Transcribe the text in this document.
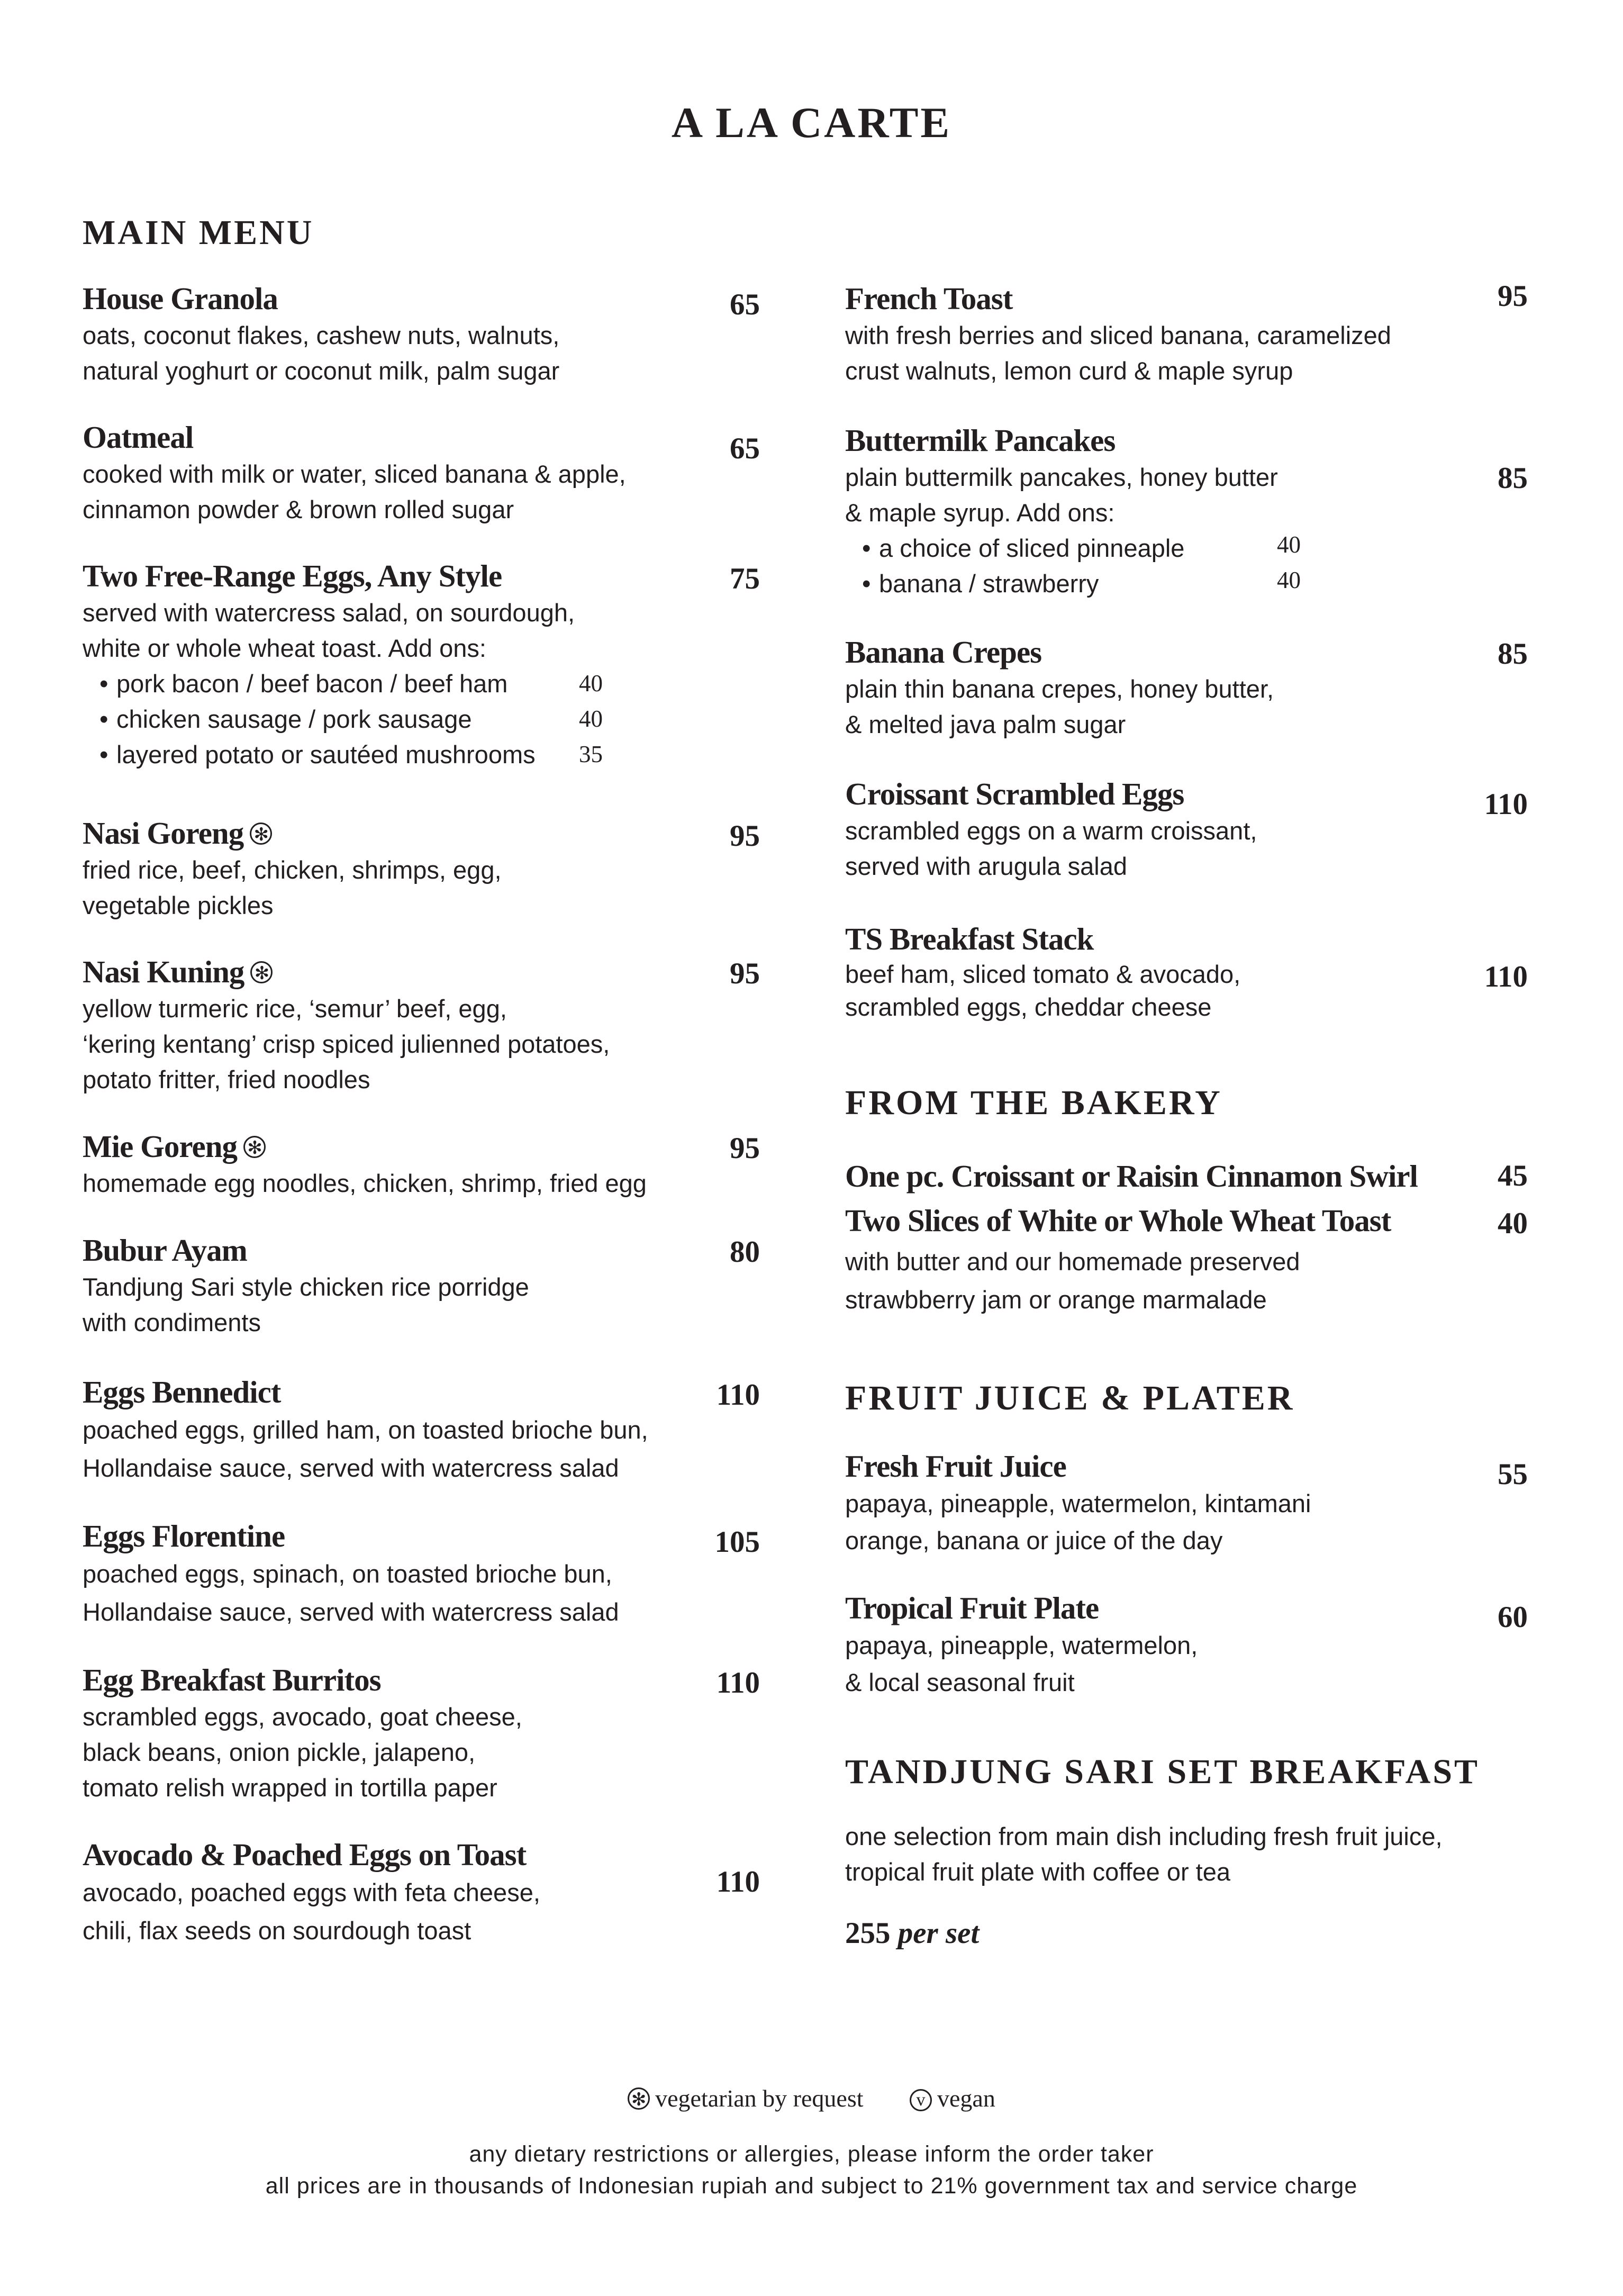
A LA CARTE
MAIN MENU
House Granola	65
oats, coconut flakes, cashew nuts, walnuts,
natural yoghurt or coconut milk, palm sugar
Oatmeal	65
cooked with milk or water, sliced banana & apple,
cinnamon powder & brown rolled sugar
Two Free-Range Eggs, Any Style	75
served with watercress salad, on sourdough,
white or whole wheat toast. Add ons:
• pork bacon / beef bacon / beef ham	40
• chicken sausage / pork sausage	40
• layered potato or sautéed mushrooms 35
Nasi Goreng ✻	95
fried rice, beef, chicken, shrimps, egg,
vegetable pickles
Nasi Kuning ✻	95
yellow turmeric rice, ‘semur’ beef, egg,
‘kering kentang’ crisp spiced julienned potatoes,
potato fritter, fried noodles
Mie Goreng ✻	95
homemade egg noodles, chicken, shrimp, fried egg
Bubur Ayam	80
Tandjung Sari style chicken rice porridge
with condiments
Eggs Bennedict	110
poached eggs, grilled ham, on toasted brioche bun,
Hollandaise sauce, served with watercress salad
Eggs Florentine	105
poached eggs, spinach, on toasted brioche bun,
Hollandaise sauce, served with watercress salad
Egg Breakfast Burritos	110
scrambled eggs, avocado, goat cheese,
black beans, onion pickle, jalapeno,
tomato relish wrapped in tortilla paper
Avocado & Poached Eggs on Toast
110
avocado, poached eggs with feta cheese,
chili, flax seeds on sourdough toast
French Toast	95
with fresh berries and sliced banana, caramelized
crust walnuts, lemon curd & maple syrup
Buttermilk Pancakes
85
plain buttermilk pancakes, honey butter
& maple syrup. Add ons:
• a choice of sliced pinneaple	40
• banana / strawberry	40
Banana Crepes	85
plain thin banana crepes, honey butter,
& melted java palm sugar
Croissant Scrambled Eggs	110
scrambled eggs on a warm croissant,
served with arugula salad
TS Breakfast Stack
110
beef ham, sliced tomato & avocado,
scrambled eggs, cheddar cheese
FROM THE BAKERY
One pc. Croissant or Raisin Cinnamon Swirl	45
Two Slices of White or Whole Wheat Toast	40
with butter and our homemade preserved
strawbberry jam or orange marmalade
FRUIT JUICE & PLATER
Fresh Fruit Juice	55
papaya, pineapple, watermelon, kintamani
orange, banana or juice of the day
Tropical Fruit Plate	60
papaya, pineapple, watermelon,
& local seasonal fruit
TANDJUNG SARI SET BREAKFAST
one selection from main dish including fresh fruit juice,
tropical fruit plate with coffee or tea
255 per set
✻ vegetarian by request	v vegan
any dietary restrictions or allergies, please inform the order taker
all prices are in thousands of Indonesian rupiah and subject to 21% government tax and service charge
